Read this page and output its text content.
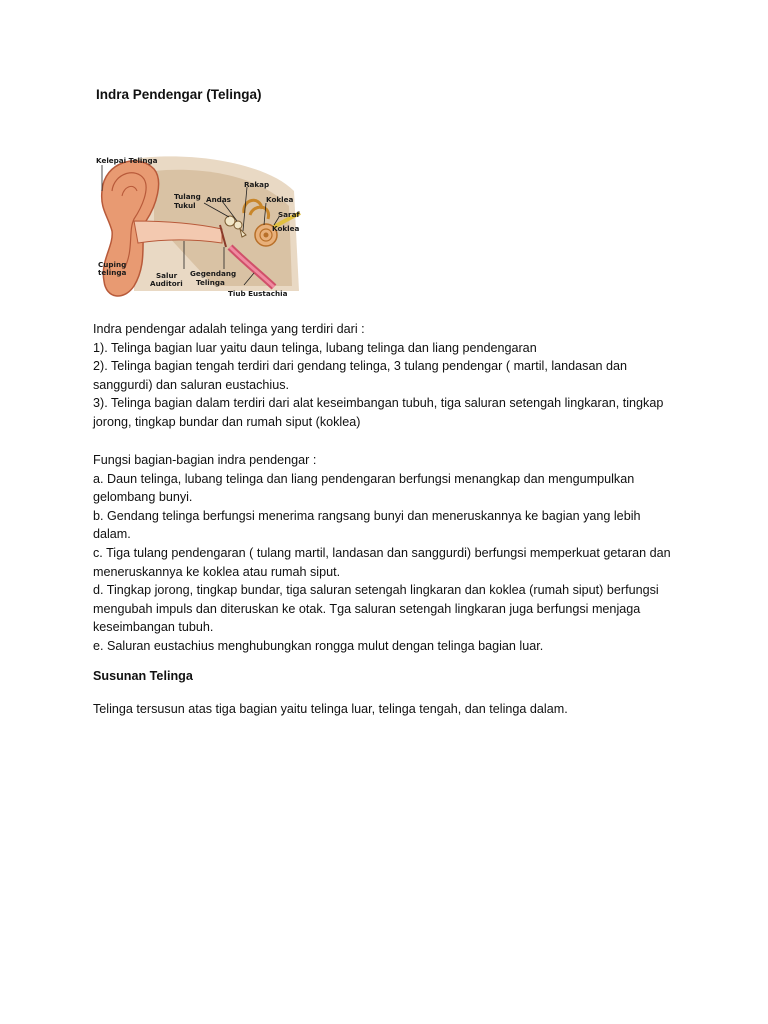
Indra Pendengar (Telinga)
Kelepai Telinga
Tulang
Tukul
Andas
Rakap
Koklea
Saraf
Koklea
Cuping
telinga	Salur
Auditori
Gegendang
Telinga
Tiub Eustachia

Indra pendengar adalah telinga yang terdiri dari :

1). Telinga bagian luar yaitu daun telinga, lubang telinga dan liang pendengaran

2). Telinga bagian tengah terdiri dari gendang telinga, 3 tulang pendengar ( martil, landasan dan sanggurdi) dan saluran eustachius.

3). Telinga bagian dalam terdiri dari alat keseimbangan tubuh, tiga saluran setengah lingkaran, tingkap jorong, tingkap bundar dan rumah siput (koklea)

Fungsi bagian-bagian indra pendengar :

a. Daun telinga, lubang telinga dan liang pendengaran berfungsi menangkap dan mengumpulkan gelombang bunyi.

b. Gendang telinga berfungsi menerima rangsang bunyi dan meneruskannya ke bagian yang lebih dalam.

c. Tiga tulang pendengaran ( tulang martil, landasan dan sanggurdi) berfungsi memperkuat getaran dan meneruskannya ke koklea atau rumah siput.

d. Tingkap jorong, tingkap bundar, tiga saluran setengah lingkaran dan koklea (rumah siput) berfungsi mengubah impuls dan diteruskan ke otak. Tga saluran setengah lingkaran juga berfungsi menjaga keseimbangan tubuh.

e. Saluran eustachius menghubungkan rongga mulut dengan telinga bagian luar.

Susunan Telinga
Telinga tersusun atas tiga bagian yaitu telinga luar, telinga tengah, dan telinga dalam.
